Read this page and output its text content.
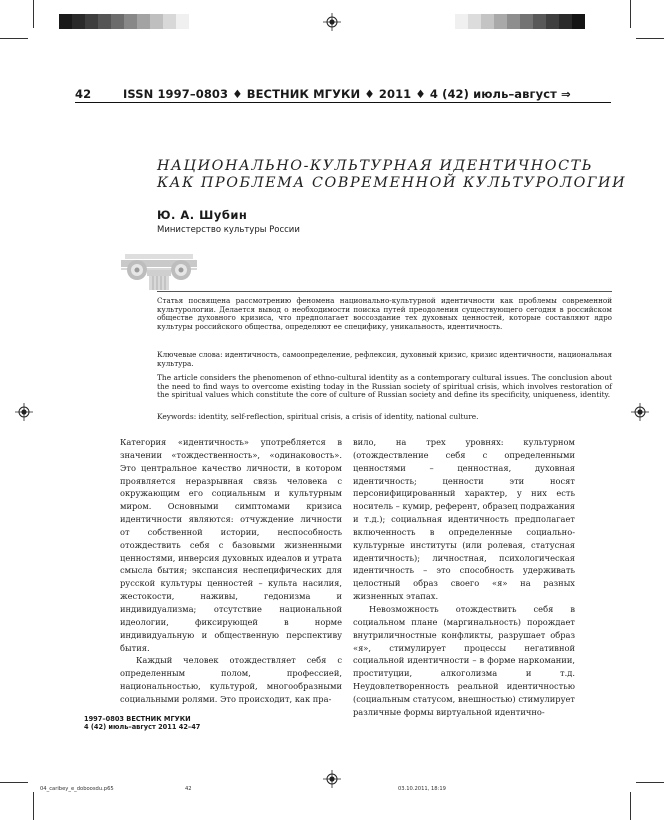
42	ISSN 1997–0803 ♦ ВЕСТНИК МГУКИ ♦ 2011 ♦ 4 (42) июль–август ⇒
НАЦИОНАЛЬНО-КУЛЬТУРНАЯ ИДЕНТИЧНОСТЬ
КАК ПРОБЛЕМА СОВРЕМЕННОЙ КУЛЬТУРОЛОГИИ
Ю. А. Шубин
Министерство культуры России
Статья посвящена рассмотрению феномена национально-культурной идентичности как проблемы современной культурологии. Делается вывод о необходимости поиска путей преодоления существующего сегодня в российском обществе духовного кризиса, что предполагает воссоздание тех духовных ценностей, которые составляют ядро культуры российского общества, определяют ее специфику, уникальность, идентичность.
Ключевые слова: идентичность, самоопределение, рефлексия, духовный кризис, кризис идентичности, национальная культура.
The article considers the phenomenon of ethno-cultural identity as a contemporary cultural issues. The conclusion about the need to find ways to overcome existing today in the Russian society of spiritual crisis, which involves restoration of the spiritual values which constitute the core of culture of Russian society and define its specificity, uniqueness, identity.
Keywords: identity, self-reflection, spiritual crisis, a crisis of identity, national culture.

Категория «идентичность» употребляется в значении «тождественность», «одинаковость». Это центральное качество личности, в котором проявляется неразрывная связь человека с окружающим его социальным и культурным миром. Основными симптомами кризиса идентичности являются: отчуждение личности от собственной истории, неспособность отождествить себя с базовыми жизненными ценностями, инверсия духовных идеалов и утрата смысла бытия; экспансия неспецифических для русской культуры ценностей – культа насилия, жестокости, наживы, гедонизма и индивидуализма; отсутствие национальной идеологии, фиксирующей в норме индивидуальную и общественную перспективу бытия.

Каждый человек отождествляет себя с определенным полом, профессией, национальностью, культурой, многообразными социальными ролями. Это происходит, как пра-

вило, на трех уровнях: культурном (отождествление себя с определенными ценностями – ценностная, духовная идентичность; ценности эти носят персонифицированный характер, у них есть носитель – кумир, референт, образец подражания и т.д.); социальная идентичность предполагает включенность в определенные социально-культурные институты (или ролевая, статусная идентичность); личностная, психологическая идентичность – это способность удерживать целостный образ своего «я» на разных жизненных этапах.

Невозможность отождествить себя в социальном плане (маргинальность) порождает внутриличностные конфликты, разрушает образ «я», стимулирует процессы негативной социальной идентичности – в форме наркомании, проституции, алкоголизма и т.д. Неудовлетворенность реальной идентичностью (социальным статусом, внешностью) стимулирует различные формы виртуальной идентично-

1997–0803 ВЕСТНИК МГУКИ
4 (42) июль–август 2011 42–47
04_caribey_e_doboosdu.p65	42	03.10.2011, 18:19
